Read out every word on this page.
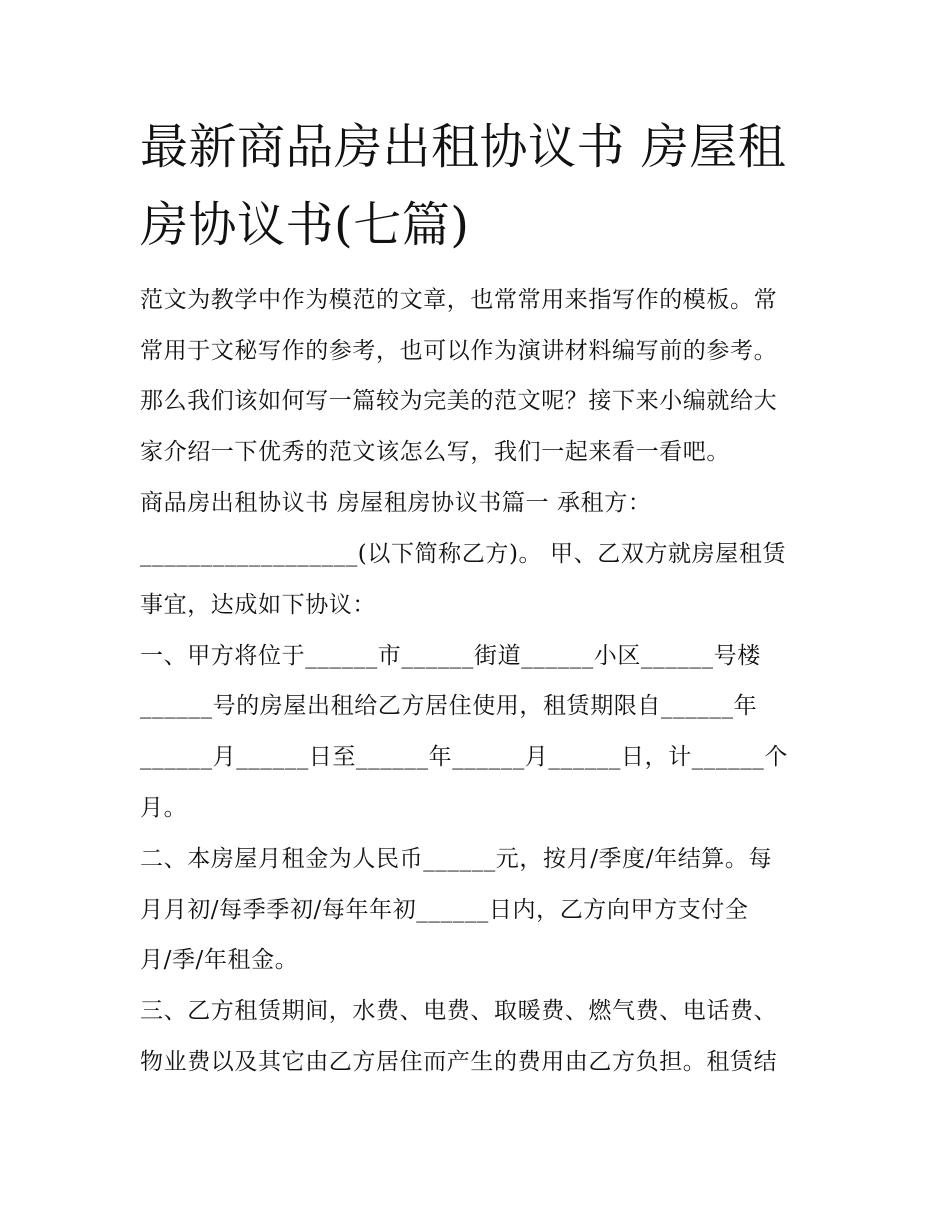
最新商品房出租协议书 房屋租
房协议书(七篇)
范文为教学中作为模范的文章，也常常用来指写作的模板。常
常用于文秘写作的参考，也可以作为演讲材料编写前的参考。
那么我们该如何写一篇较为完美的范文呢？接下来小编就给大
家介绍一下优秀的范文该怎么写，我们一起来看一看吧。
商品房出租协议书 房屋租房协议书篇一 承租方：
__________________(以下简称乙方)。 甲、乙双方就房屋租赁
事宜，达成如下协议：
一、甲方将位于______市______街道______小区______号楼
______号的房屋出租给乙方居住使用，租赁期限自______年
______月______日至______年______月______日，计______个
月。
二、本房屋月租金为人民币______元，按月/季度/年结算。每
月月初/每季季初/每年年初______日内，乙方向甲方支付全
月/季/年租金。
三、乙方租赁期间，水费、电费、取暖费、燃气费、电话费、
物业费以及其它由乙方居住而产生的费用由乙方负担。租赁结
